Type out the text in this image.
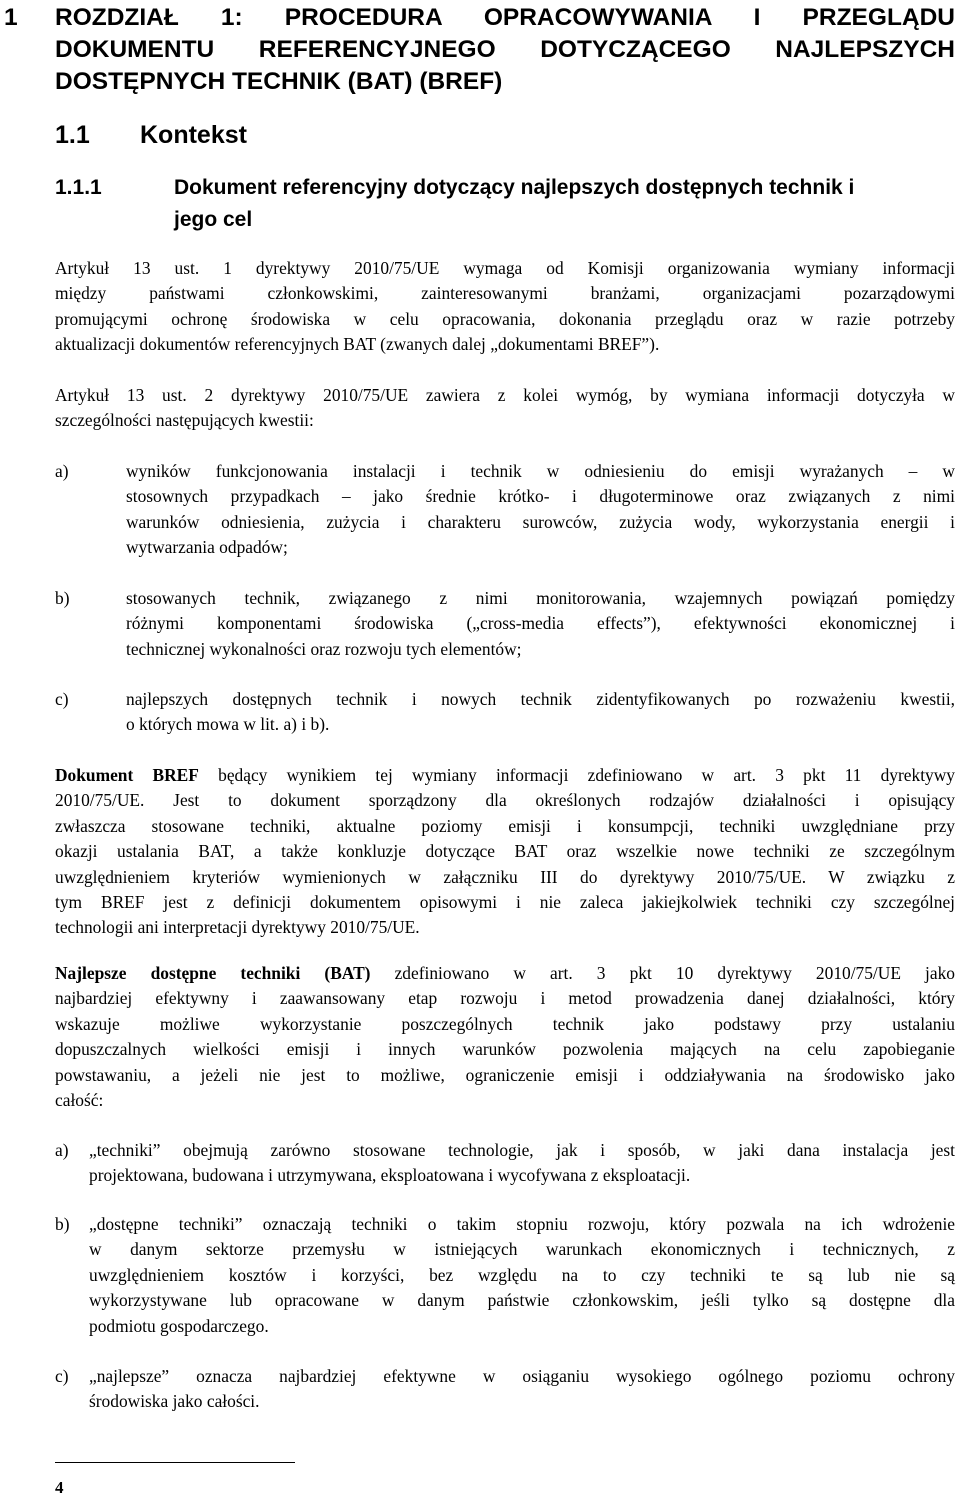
1 ROZDZIAŁ 1: PROCEDURA OPRACOWYWANIA I PRZEGLĄDU
DOKUMENTU REFERENCYJNEGO DOTYCZĄCEGO NAJLEPSZYCH
DOSTĘPNYCH TECHNIK (BAT) (BREF)
1.1 Kontekst
1.1.1	Dokument referencyjny dotyczący najlepszych dostępnych technik i
jego cel
Artykuł 13 ust. 1 dyrektywy 2010/75/UE wymaga od Komisji organizowania wymiany informacji
między państwami członkowskimi, zainteresowanymi branżami, organizacjami pozarządowymi
promującymi ochronę środowiska w celu opracowania, dokonania przeglądu oraz w razie potrzeby
aktualizacji dokumentów referencyjnych BAT (zwanych dalej „dokumentami BREF”).
Artykuł 13 ust. 2 dyrektywy 2010/75/UE zawiera z kolei wymóg, by wymiana informacji dotyczyła w
szczególności następujących kwestii:
a)	wyników funkcjonowania instalacji i technik w odniesieniu do emisji wyrażanych – w
stosownych przypadkach – jako średnie krótko- i długoterminowe oraz związanych z nimi
warunków odniesienia, zużycia i charakteru surowców, zużycia wody, wykorzystania energii i
wytwarzania odpadów;
b)	stosowanych technik, związanego z nimi monitorowania, wzajemnych powiązań pomiędzy
różnymi komponentami środowiska („cross-media effects”), efektywności ekonomicznej i
technicznej wykonalności oraz rozwoju tych elementów;
c)	najlepszych dostępnych technik i nowych technik zidentyfikowanych po rozważeniu kwestii,
o których mowa w lit. a) i b).
Dokument BREF będący wynikiem tej wymiany informacji zdefiniowano w art. 3 pkt 11 dyrektywy
2010/75/UE. Jest to dokument sporządzony dla określonych rodzajów działalności i opisujący
zwłaszcza stosowane techniki, aktualne poziomy emisji i konsumpcji, techniki uwzględniane przy
okazji ustalania BAT, a także konkluzje dotyczące BAT oraz wszelkie nowe techniki ze szczególnym
uwzględnieniem kryteriów wymienionych w załączniku III do dyrektywy 2010/75/UE. W związku z
tym BREF jest z definicji dokumentem opisowymi i nie zaleca jakiejkolwiek techniki czy szczególnej
technologii ani interpretacji dyrektywy 2010/75/UE.
Najlepsze dostępne techniki (BAT) zdefiniowano w art. 3 pkt 10 dyrektywy 2010/75/UE jako
najbardziej efektywny i zaawansowany etap rozwoju i metod prowadzenia danej działalności, który
wskazuje możliwe wykorzystanie poszczególnych technik jako podstawy przy ustalaniu
dopuszczalnych wielkości emisji i innych warunków pozwolenia mających na celu zapobieganie
powstawaniu, a jeżeli nie jest to możliwe, ograniczenie emisji i oddziaływania na środowisko jako
całość:
a) „techniki” obejmują zarówno stosowane technologie, jak i sposób, w jaki dana instalacja jest
projektowana, budowana i utrzymywana, eksploatowana i wycofywana z eksploatacji.
b) „dostępne techniki” oznaczają techniki o takim stopniu rozwoju, który pozwala na ich wdrożenie
w danym sektorze przemysłu w istniejących warunkach ekonomicznych i technicznych, z
uwzględnieniem kosztów i korzyści, bez względu na to czy techniki te są lub nie są
wykorzystywane lub opracowane w danym państwie członkowskim, jeśli tylko są dostępne dla
podmiotu gospodarczego.
c) „najlepsze” oznacza najbardziej efektywne w osiąganiu wysokiego ogólnego poziomu ochrony
środowiska jako całości.
4
